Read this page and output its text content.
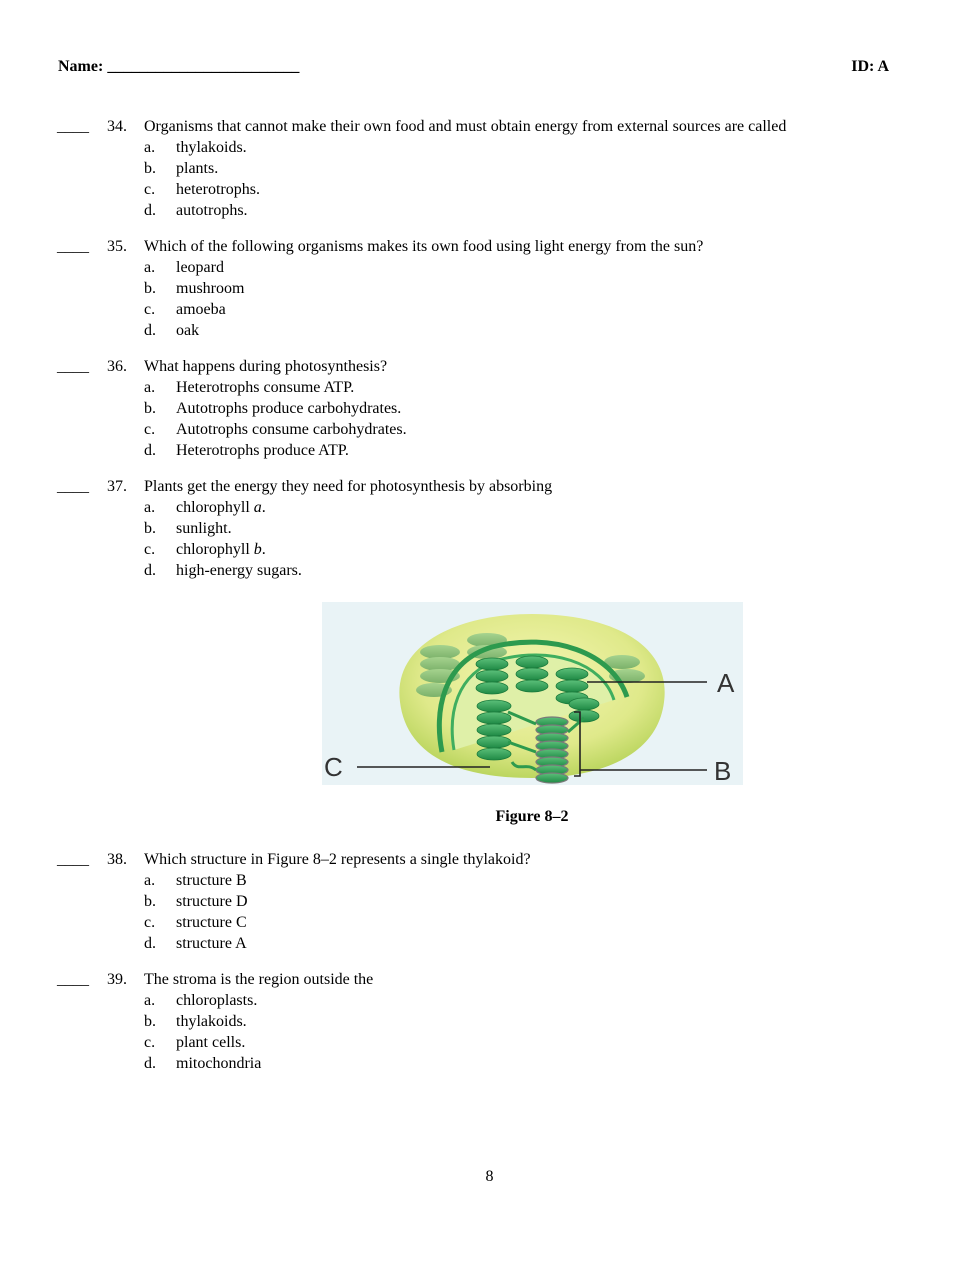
Name: ________________________	ID: A
____ 34. Organisms that cannot make their own food and must obtain energy from external sources are called
a. thylakoids.
b. plants.
c. heterotrophs.
d. autotrophs.
____ 35. Which of the following organisms makes its own food using light energy from the sun?
a. leopard
b. mushroom
c. amoeba
d. oak
____ 36. What happens during photosynthesis?
a. Heterotrophs consume ATP.
b. Autotrophs produce carbohydrates.
c. Autotrophs consume carbohydrates.
d. Heterotrophs produce ATP.
____ 37. Plants get the energy they need for photosynthesis by absorbing
a. chlorophyll a.
b. sunlight.
c. chlorophyll b.
d. high-energy sugars.
A
B
C
Figure 8–2
____ 38. Which structure in Figure 8–2 represents a single thylakoid?
a. structure B
b. structure D
c. structure C
d. structure A
____ 39. The stroma is the region outside the
a. chloroplasts.
b. thylakoids.
c. plant cells.
d. mitochondria
8
